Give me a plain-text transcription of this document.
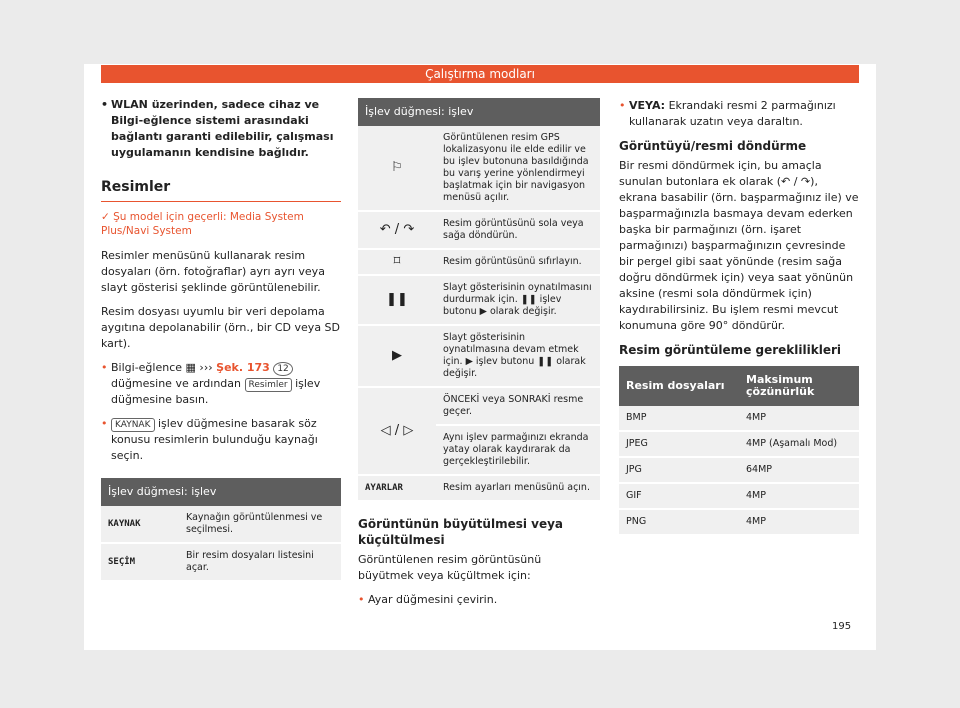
Çalıştırma modları
• WLAN üzerinden, sadece cihaz ve Bilgi-eğlence sistemi arasındaki bağlantı garanti edilebilir, çalışması uygulamanın kendisine bağlıdır.
Resimler
✓ Şu model için geçerli: Media System Plus/Navi System

Resimler menüsünü kullanarak resim dosyaları (örn. fotoğraflar) ayrı ayrı veya slayt gösterisi şeklinde görüntülenebilir.

Resim dosyası uyumlu bir veri depolama aygıtına depolanabilir (örn., bir CD veya SD kart).

• Bilgi-eğlence ▦ ››› Şek. 173 12 düğmesine ve ardından Resimler işlev düğmesine basın.
• KAYNAK işlev düğmesine basarak söz konusu resimlerin bulunduğu kaynağı seçin.
İşlev düğmesi: işlev	
KAYNAK	Kaynağın görüntülenmesi ve seçilmesi.
SEÇİM	Bir resim dosyaları listesini açar.
İşlev düğmesi: işlev	
⚐	Görüntülenen resim GPS lokalizasyonu ile elde edilir ve bu işlev butonuna basıldığında bu varış yerine yönlendirmeyi başlatmak için bir navigasyon menüsü açılır.
↶ / ↷	Resim görüntüsünü sola veya sağa döndürün.
⌑	Resim görüntüsünü sıfırlayın.
❚❚	Slayt gösterisinin oynatılmasını durdurmak için. ❚❚ işlev butonu ▶ olarak değişir.
▶	Slayt gösterisinin oynatılmasına devam etmek için. ▶ işlev butonu ❚❚ olarak değişir.
◁ / ▷	ÖNCEKİ veya SONRAKİ resme geçer.
	Aynı işlev parmağınızı ekranda yatay olarak kaydırarak da gerçekleştirilebilir.
AYARLAR	Resim ayarları menüsünü açın.
Görüntünün büyütülmesi veya küçültülmesi

Görüntülenen resim görüntüsünü büyütmek veya küçültmek için:

• Ayar düğmesini çevirin.
• VEYA: Ekrandaki resmi 2 parmağınızı kullanarak uzatın veya daraltın.
Görüntüyü/resmi döndürme

Bir resmi döndürmek için, bu amaçla sunulan butonlara ek olarak (↶ / ↷), ekrana basabilir (örn. başparmağınız ile) ve başparmağınızla basmaya devam ederken başka bir parmağınızı (örn. işaret parmağınızı) başparmağınızın çevresinde bir pergel gibi saat yönünde (resim sağa doğru döndürmek için) veya saat yönünün aksine (resmi sola döndürmek için) kaydırabilirsiniz. Bu işlem resmi mevcut konumuna göre 90° döndürür.

Resim görüntüleme gereklilikleri
Resim dosyaları	Maksimum çözünürlük
BMP	4MP
JPEG	4MP (Aşamalı Mod)
JPG	64MP
GIF	4MP
PNG	4MP
195
